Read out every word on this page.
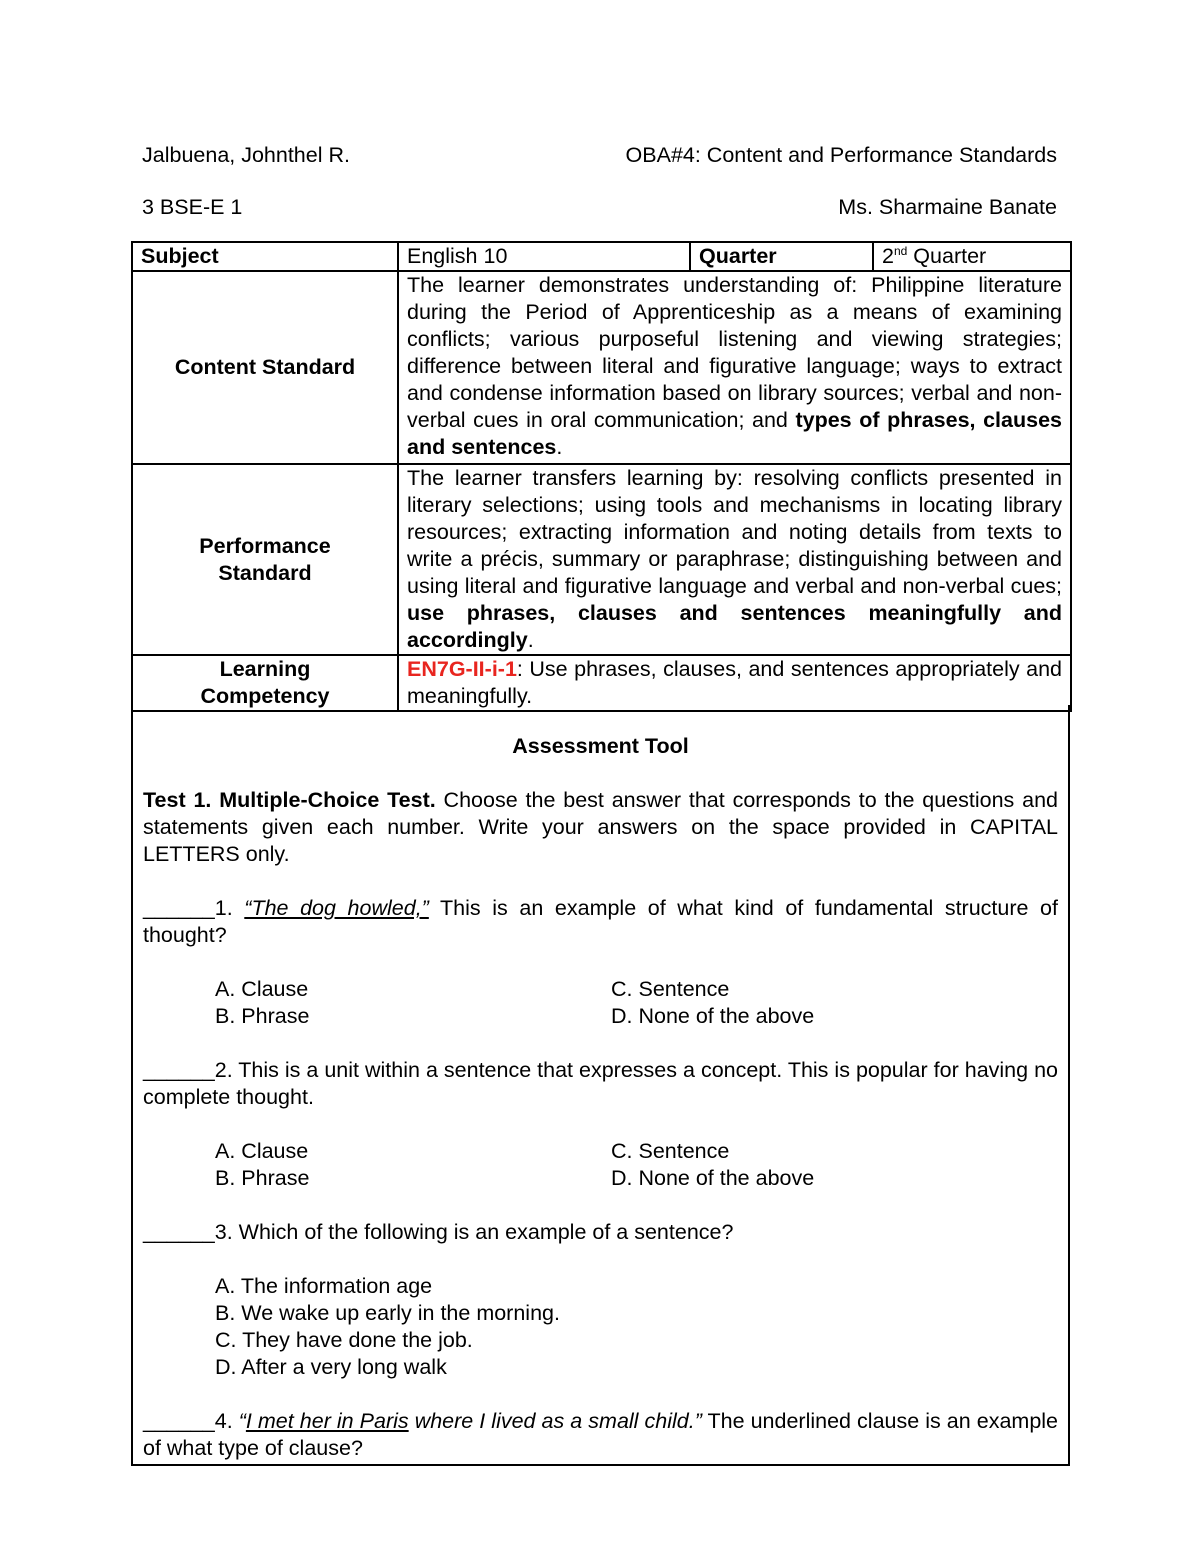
Jalbuena, Johnthel R.	OBA#4: Content and Performance Standards
3 BSE-E 1	Ms. Sharmaine Banate
Subject	English 10	Quarter	2nd Quarter
Content Standard	The learner demonstrates understanding of: Philippine literature during the Period of Apprenticeship as a means of examining conflicts; various purposeful listening and viewing strategies; difference between literal and figurative language; ways to extract and condense information based on library sources; verbal and non-verbal cues in oral communication; and types of phrases, clauses and sentences.		
Performance
Standard	The learner transfers learning by: resolving conflicts presented in literary selections; using tools and mechanisms in locating library resources; extracting information and noting details from texts to write a précis, summary or paraphrase; distinguishing between and using literal and figurative language and verbal and non-verbal cues; use phrases, clauses and sentences meaningfully and accordingly.		
Learning
Competency	EN7G-II-i-1: Use phrases, clauses, and sentences appropriately and meaningfully.		
Assessment Tool
Test 1. Multiple-Choice Test. Choose the best answer that corresponds to the questions and statements given each number. Write your answers on the space provided in CAPITAL LETTERS only.
______1. “The dog howled,” This is an example of what kind of fundamental structure of thought?
A. Clause	C. Sentence
B. Phrase	D. None of the above
______2. This is a unit within a sentence that expresses a concept. This is popular for having no complete thought.
A. Clause	C. Sentence
B. Phrase	D. None of the above
______3. Which of the following is an example of a sentence?
A. The information age
B. We wake up early in the morning.
C. They have done the job.
D. After a very long walk
______4. “I met her in Paris where I lived as a small child.” The underlined clause is an example of what type of clause?
